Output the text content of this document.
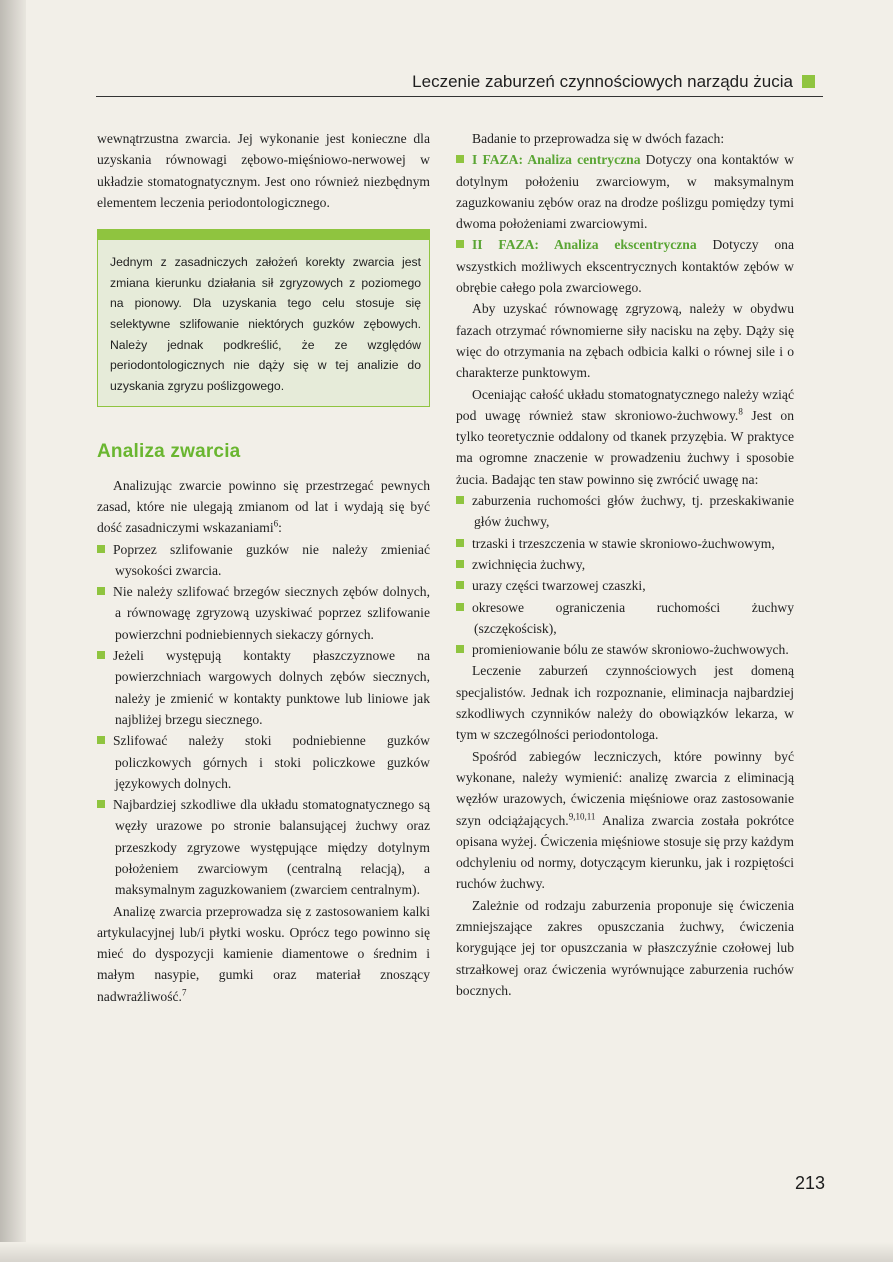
Leczenie zaburzeń czynnościowych narządu żucia

wewnątrzustna zwarcia. Jej wykonanie jest konieczne dla uzyskania równowagi zębowo-mięśniowo-nerwowej w układzie stomatognatycznym. Jest ono również niezbędnym elementem leczenia periodontologicznego.

Jednym z zasadniczych założeń korekty zwarcia jest zmiana kierunku działania sił zgryzowych z poziomego na pionowy. Dla uzyskania tego celu stosuje się selektywne szlifowanie niektórych guzków zębowych. Należy jednak podkreślić, że ze względów periodontologicznych nie dąży się w tej analizie do uzyskania zgryzu poślizgowego.

Analiza zwarcia

Analizując zwarcie powinno się przestrzegać pewnych zasad, które nie ulegają zmianom od lat i wydają się być dość zasadniczymi wskazaniami$^6$:

Poprzez szlifowanie guzków nie należy zmieniać wysokości zwarcia.

Nie należy szlifować brzegów siecznych zębów dolnych, a równowagę zgryzową uzyskiwać poprzez szlifowanie powierzchni podniebiennych siekaczy górnych.

Jeżeli występują kontakty płaszczyznowe na powierzchniach wargowych dolnych zębów siecznych, należy je zmienić w kontakty punktowe lub liniowe jak najbliżej brzegu siecznego.

Szlifować należy stoki podniebienne guzków policzkowych górnych i stoki policzkowe guzków językowych dolnych.

Najbardziej szkodliwe dla układu stomatognatycznego są węzły urazowe po stronie balansującej żuchwy oraz przeszkody zgryzowe występujące między dotylnym położeniem zwarciowym (centralną relacją), a maksymalnym zaguzkowaniem (zwarciem centralnym).

Analizę zwarcia przeprowadza się z zastosowaniem kalki artykulacyjnej lub/i płytki wosku. Oprócz tego powinno się mieć do dyspozycji kamienie diamentowe o średnim i małym nasypie, gumki oraz materiał znoszący nadwrażliwość.$^7$

Badanie to przeprowadza się w dwóch fazach:

I FAZA: Analiza centryczna Dotyczy ona kontaktów w dotylnym położeniu zwarciowym, w maksymalnym zaguzkowaniu zębów oraz na drodze poślizgu pomiędzy tymi dwoma położeniami zwarciowymi.

II FAZA: Analiza ekscentryczna Dotyczy ona wszystkich możliwych ekscentrycznych kontaktów zębów w obrębie całego pola zwarciowego.

Aby uzyskać równowagę zgryzową, należy w obydwu fazach otrzymać równomierne siły nacisku na zęby. Dąży się więc do otrzymania na zębach odbicia kalki o równej sile i o charakterze punktowym.

Oceniając całość układu stomatognatycznego należy wziąć pod uwagę również staw skroniowo-żuchwowy.$^8$ Jest on tylko teoretycznie oddalony od tkanek przyzębia. W praktyce ma ogromne znaczenie w prowadzeniu żuchwy i sposobie żucia. Badając ten staw powinno się zwrócić uwagę na:

zaburzenia ruchomości głów żuchwy, tj. przeskakiwanie głów żuchwy,

trzaski i trzeszczenia w stawie skroniowo-żuchwowym,

zwichnięcia żuchwy,

urazy części twarzowej czaszki,

okresowe ograniczenia ruchomości żuchwy (szczękościsk),

promieniowanie bólu ze stawów skroniowo-żuchwowych.

Leczenie zaburzeń czynnościowych jest domeną specjalistów. Jednak ich rozpoznanie, eliminacja najbardziej szkodliwych czynników należy do obowiązków lekarza, w tym w szczególności periodontologa.

Spośród zabiegów leczniczych, które powinny być wykonane, należy wymienić: analizę zwarcia z eliminacją węzłów urazowych, ćwiczenia mięśniowe oraz zastosowanie szyn odciążających.$^{9,10,11}$ Analiza zwarcia została pokrótce opisana wyżej. Ćwiczenia mięśniowe stosuje się przy każdym odchyleniu od normy, dotyczącym kierunku, jak i rozpiętości ruchów żuchwy.

Zależnie od rodzaju zaburzenia proponuje się ćwiczenia zmniejszające zakres opuszczania żuchwy, ćwiczenia korygujące jej tor opuszczania w płaszczyźnie czołowej lub strzałkowej oraz ćwiczenia wyrównujące zaburzenia ruchów bocznych.

213
